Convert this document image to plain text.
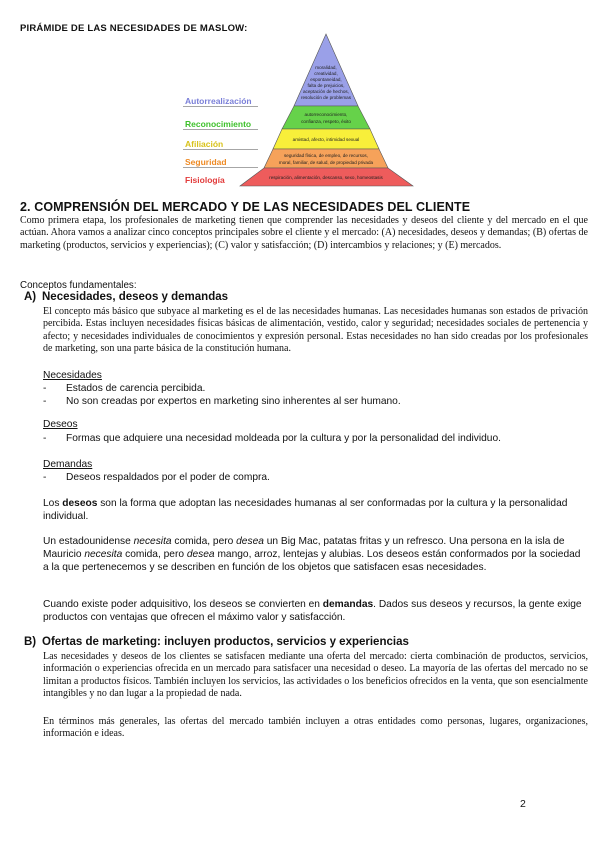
PIRÁMIDE DE LAS NECESIDADES DE MASLOW:
moralidad,
creatividad,
espontaneidad,
falta de prejuicios,
aceptación de hechos,
resolución de problemas
autorreconocimiento,
confianza, respeto, éxito
amistad, afecto, intimidad sexual
seguridad física, de empleo, de recursos,
moral, familiar, de salud, de propiedad privada
respiración, alimentación, descanso, sexo, homeostasis
Autorrealización
Reconocimiento
Afiliación
Seguridad
Fisiología
2. COMPRENSIÓN DEL MERCADO Y DE LAS NECESIDADES DEL CLIENTE
Como primera etapa, los profesionales de marketing tienen que comprender las necesidades y deseos del cliente y del mercado en el que actúan. Ahora vamos a analizar cinco conceptos principales sobre el cliente y el mercado: (A) necesidades, deseos y demandas; (B) ofertas de marketing (productos, servicios y experiencias); (C) valor y satisfacción; (D) intercambios y relaciones; y (E) mercados.
Conceptos fundamentales:
A) Necesidades, deseos y demandas
El concepto más básico que subyace al marketing es el de las necesidades humanas. Las necesidades humanas son estados de privación percibida. Estas incluyen necesidades físicas básicas de alimentación, vestido, calor y seguridad; necesidades sociales de pertenencia y afecto; y necesidades individuales de conocimientos y expresión personal. Estas necesidades no han sido creadas por los profesionales de marketing, son una parte básica de la constitución humana.
Necesidades
- Estados de carencia percibida.
- No son creadas por expertos en marketing sino inherentes al ser humano.
Deseos
- Formas que adquiere una necesidad moldeada por la cultura y por la personalidad del individuo.
Demandas
- Deseos respaldados por el poder de compra.
Los deseos son la forma que adoptan las necesidades humanas al ser conformadas por la cultura y la personalidad individual.
Un estadounidense necesita comida, pero desea un Big Mac, patatas fritas y un refresco. Una persona en la isla de Mauricio necesita comida, pero desea mango, arroz, lentejas y alubias. Los deseos están conformados por la sociedad a la que pertenecemos y se describen en función de los objetos que satisfacen esas necesidades.
Cuando existe poder adquisitivo, los deseos se convierten en demandas. Dados sus deseos y recursos, la gente exige productos con ventajas que ofrecen el máximo valor y satisfacción.
B) Ofertas de marketing: incluyen productos, servicios y experiencias
Las necesidades y deseos de los clientes se satisfacen mediante una oferta del mercado: cierta combinación de productos, servicios, información o experiencias ofrecida en un mercado para satisfacer una necesidad o deseo. La mayoría de las ofertas del mercado no se limitan a productos físicos. También incluyen los servicios, las actividades o los beneficios ofrecidos en la venta, que son esencialmente intangibles y no dan lugar a la propiedad de nada.
En términos más generales, las ofertas del mercado también incluyen a otras entidades como personas, lugares, organizaciones, información e ideas.
2
